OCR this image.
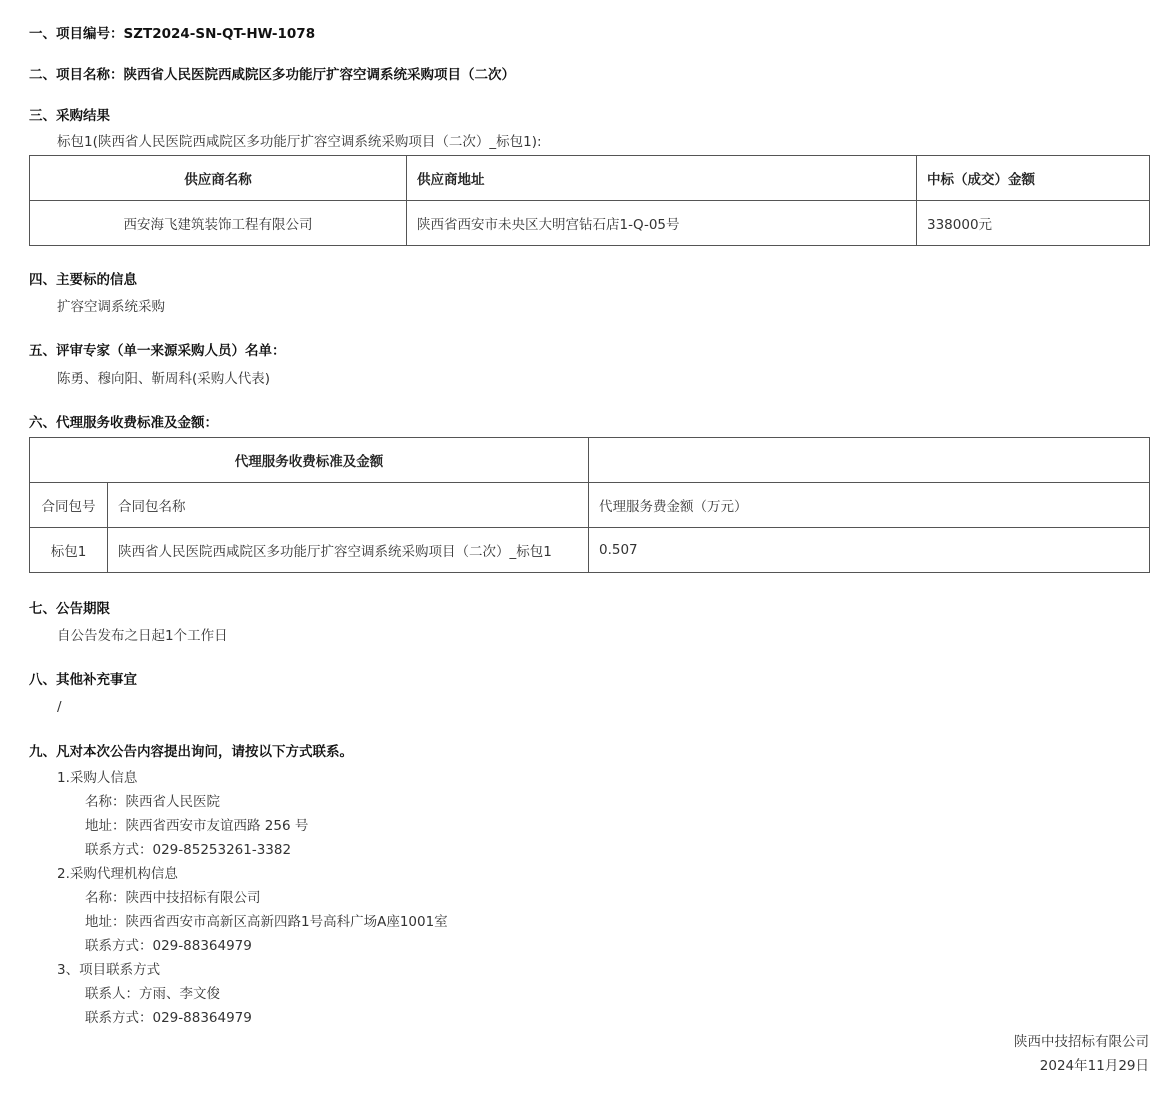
一、项目编号：SZT2024-SN-QT-HW-1078
二、项目名称：陕西省人民医院西咸院区多功能厅扩容空调系统采购项目（二次）
三、采购结果
标包1(陕西省人民医院西咸院区多功能厅扩容空调系统采购项目（二次）_标包1):
供应商名称	供应商地址	中标（成交）金额
西安海飞建筑装饰工程有限公司	陕西省西安市未央区大明宫钻石店1-Q-05号	338000元
四、主要标的信息
扩容空调系统采购
五、评审专家（单一来源采购人员）名单：
陈勇、穆向阳、靳周科(采购人代表)
六、代理服务收费标准及金额：
代理服务收费标准及金额		
合同包号	合同包名称	代理服务费金额（万元）
标包1	陕西省人民医院西咸院区多功能厅扩容空调系统采购项目（二次）_标包1	0.507
七、公告期限
自公告发布之日起1个工作日
八、其他补充事宜
/
九、凡对本次公告内容提出询问，请按以下方式联系。
1.采购人信息
名称：陕西省人民医院
地址：陕西省西安市友谊西路 256 号
联系方式：029-85253261-3382
2.采购代理机构信息
名称：陕西中技招标有限公司
地址：陕西省西安市高新区高新四路1号高科广场A座1001室
联系方式：029-88364979
3、项目联系方式
联系人：方雨、李文俊
联系方式：029-88364979
陕西中技招标有限公司
2024年11月29日
